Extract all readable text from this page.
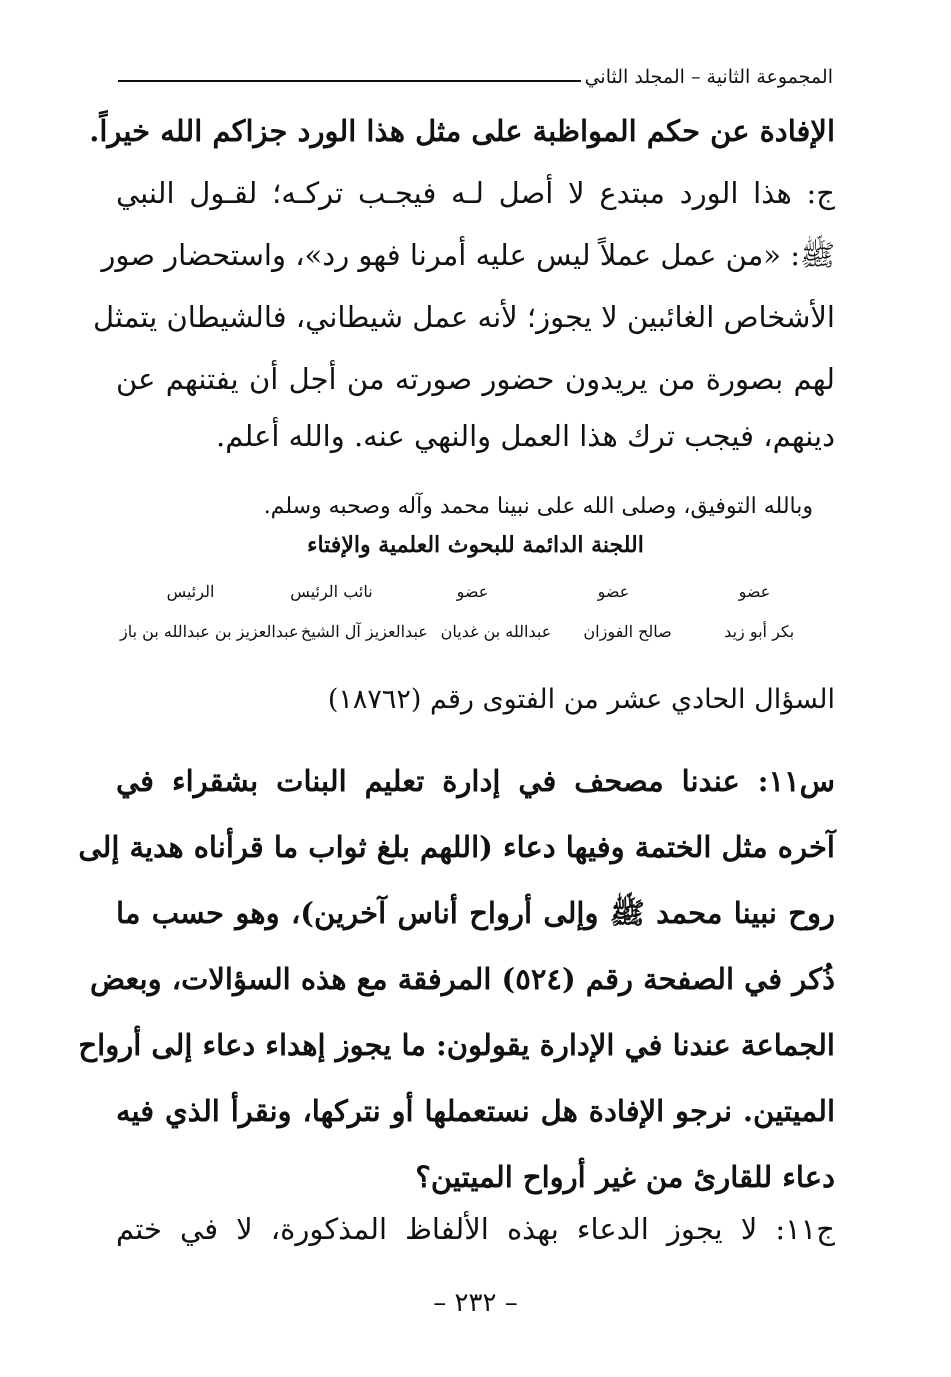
المجموعة الثانية – المجلد الثاني
الإفادة عن حكم المواظبة على مثل هذا الورد جزاكم الله خيراً.
ج: هذا الورد مبتدع لا أصل لـه فيجـب تركـه؛ لقـول النبي
ﷺ: «من عمل عملاً ليس عليه أمرنا فهو رد»، واستحضار صور
الأشخاص الغائبين لا يجوز؛ لأنه عمل شيطاني، فالشيطان يتمثل
لهم بصورة من يريدون حضور صورته من أجل أن يفتنهم عن
دينهم، فيجب ترك هذا العمل والنهي عنه. والله أعلم.
وبالله التوفيق، وصلى الله على نبينا محمد وآله وصحبه وسلم.
اللجنة الدائمة للبحوث العلمية والإفتاء
عضو
عضو
عضو
نائب الرئيس
الرئيس
بكر أبو زيد
صالح الفوزان
عبدالله بن غديان
عبدالعزيز آل الشيخ
عبدالعزيز بن عبدالله بن باز
السؤال الحادي عشر من الفتوى رقم (١٨٧٦٢)
س١١: عندنا مصحف في إدارة تعليم البنات بشقراء في
آخره مثل الختمة وفيها دعاء (اللهم بلغ ثواب ما قرأناه هدية إلى
روح نبينا محمد ﷺ وإلى أرواح أناس آخرين)، وهو حسب ما
ذُكر في الصفحة رقم (٥٢٤) المرفقة مع هذه السؤالات، وبعض
الجماعة عندنا في الإدارة يقولون: ما يجوز إهداء دعاء إلى أرواح
الميتين. نرجو الإفادة هل نستعملها أو نتركها، ونقرأ الذي فيه
دعاء للقارئ من غير أرواح الميتين؟
ج١١: لا يجوز الدعاء بهذه الألفاظ المذكورة، لا في ختم
– ٢٣٢ –
